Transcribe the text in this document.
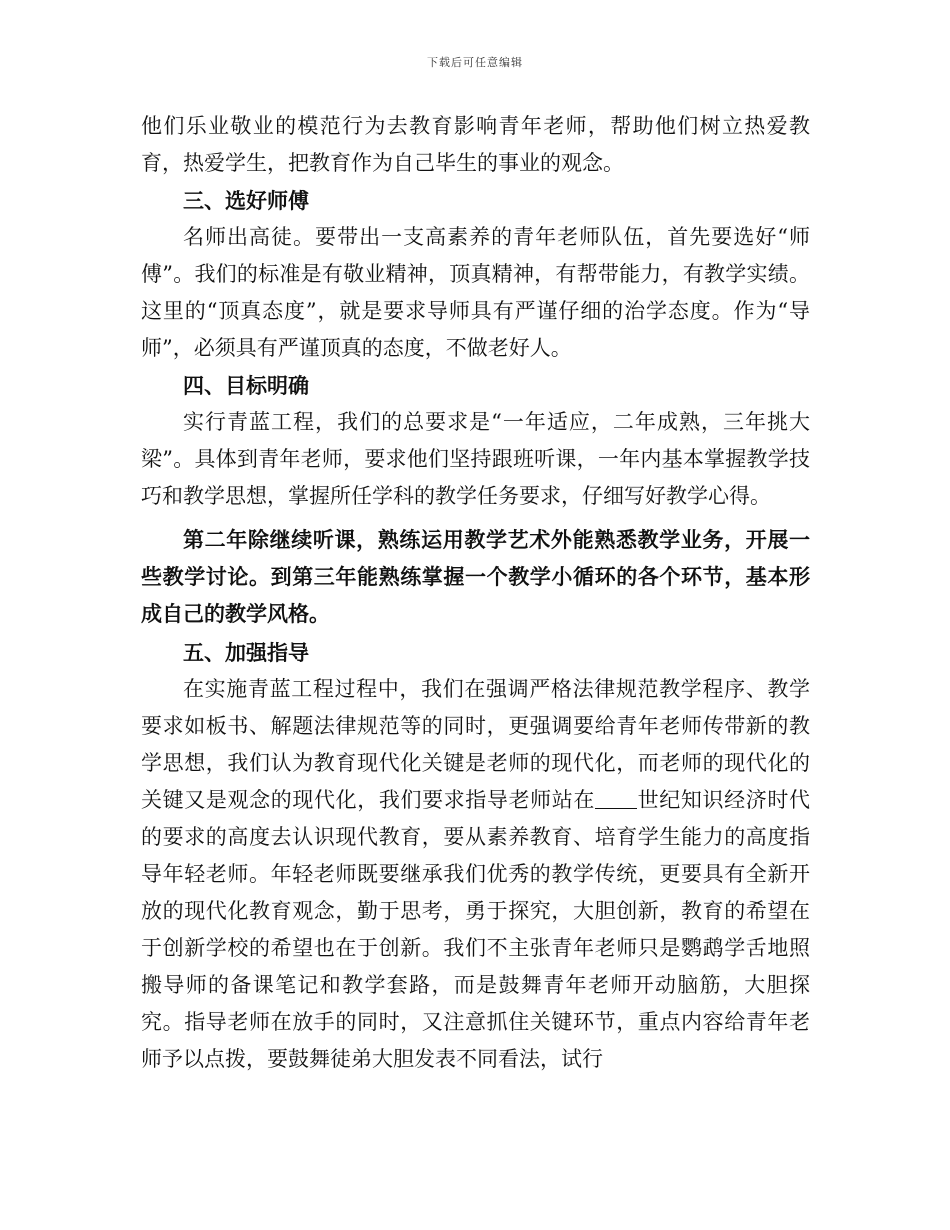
下载后可任意编辑

他们乐业敬业的模范行为去教育影响青年老师，帮助他们树立热爱教育，热爱学生，把教育作为自己毕生的事业的观念。

三、选好师傅

名师出高徒。要带出一支高素养的青年老师队伍，首先要选好“师傅”。我们的标准是有敬业精神，顶真精神，有帮带能力，有教学实绩。这里的“顶真态度”，就是要求导师具有严谨仔细的治学态度。作为“导师”，必须具有严谨顶真的态度，不做老好人。

四、目标明确

实行青蓝工程，我们的总要求是“一年适应，二年成熟，三年挑大梁”。具体到青年老师，要求他们坚持跟班听课，一年内基本掌握教学技巧和教学思想，掌握所任学科的教学任务要求，仔细写好教学心得。

第二年除继续听课，熟练运用教学艺术外能熟悉教学业务，开展一些教学讨论。到第三年能熟练掌握一个教学小循环的各个环节，基本形成自己的教学风格。

五、加强指导

在实施青蓝工程过程中，我们在强调严格法律规范教学程序、教学要求如板书、解题法律规范等的同时，更强调要给青年老师传带新的教学思想，我们认为教育现代化关键是老师的现代化，而老师的现代化的关键又是观念的现代化，我们要求指导老师站在 世纪知识经济时代的要求的高度去认识现代教育，要从素养教育、培育学生能力的高度指导年轻老师。年轻老师既要继承我们优秀的教学传统，更要具有全新开放的现代化教育观念，勤于思考，勇于探究，大胆创新，教育的希望在于创新学校的希望也在于创新。我们不主张青年老师只是鹦鹉学舌地照搬导师的备课笔记和教学套路，而是鼓舞青年老师开动脑筋，大胆探究。指导老师在放手的同时，又注意抓住关键环节，重点内容给青年老师予以点拨，要鼓舞徒弟大胆发表不同看法，试行
